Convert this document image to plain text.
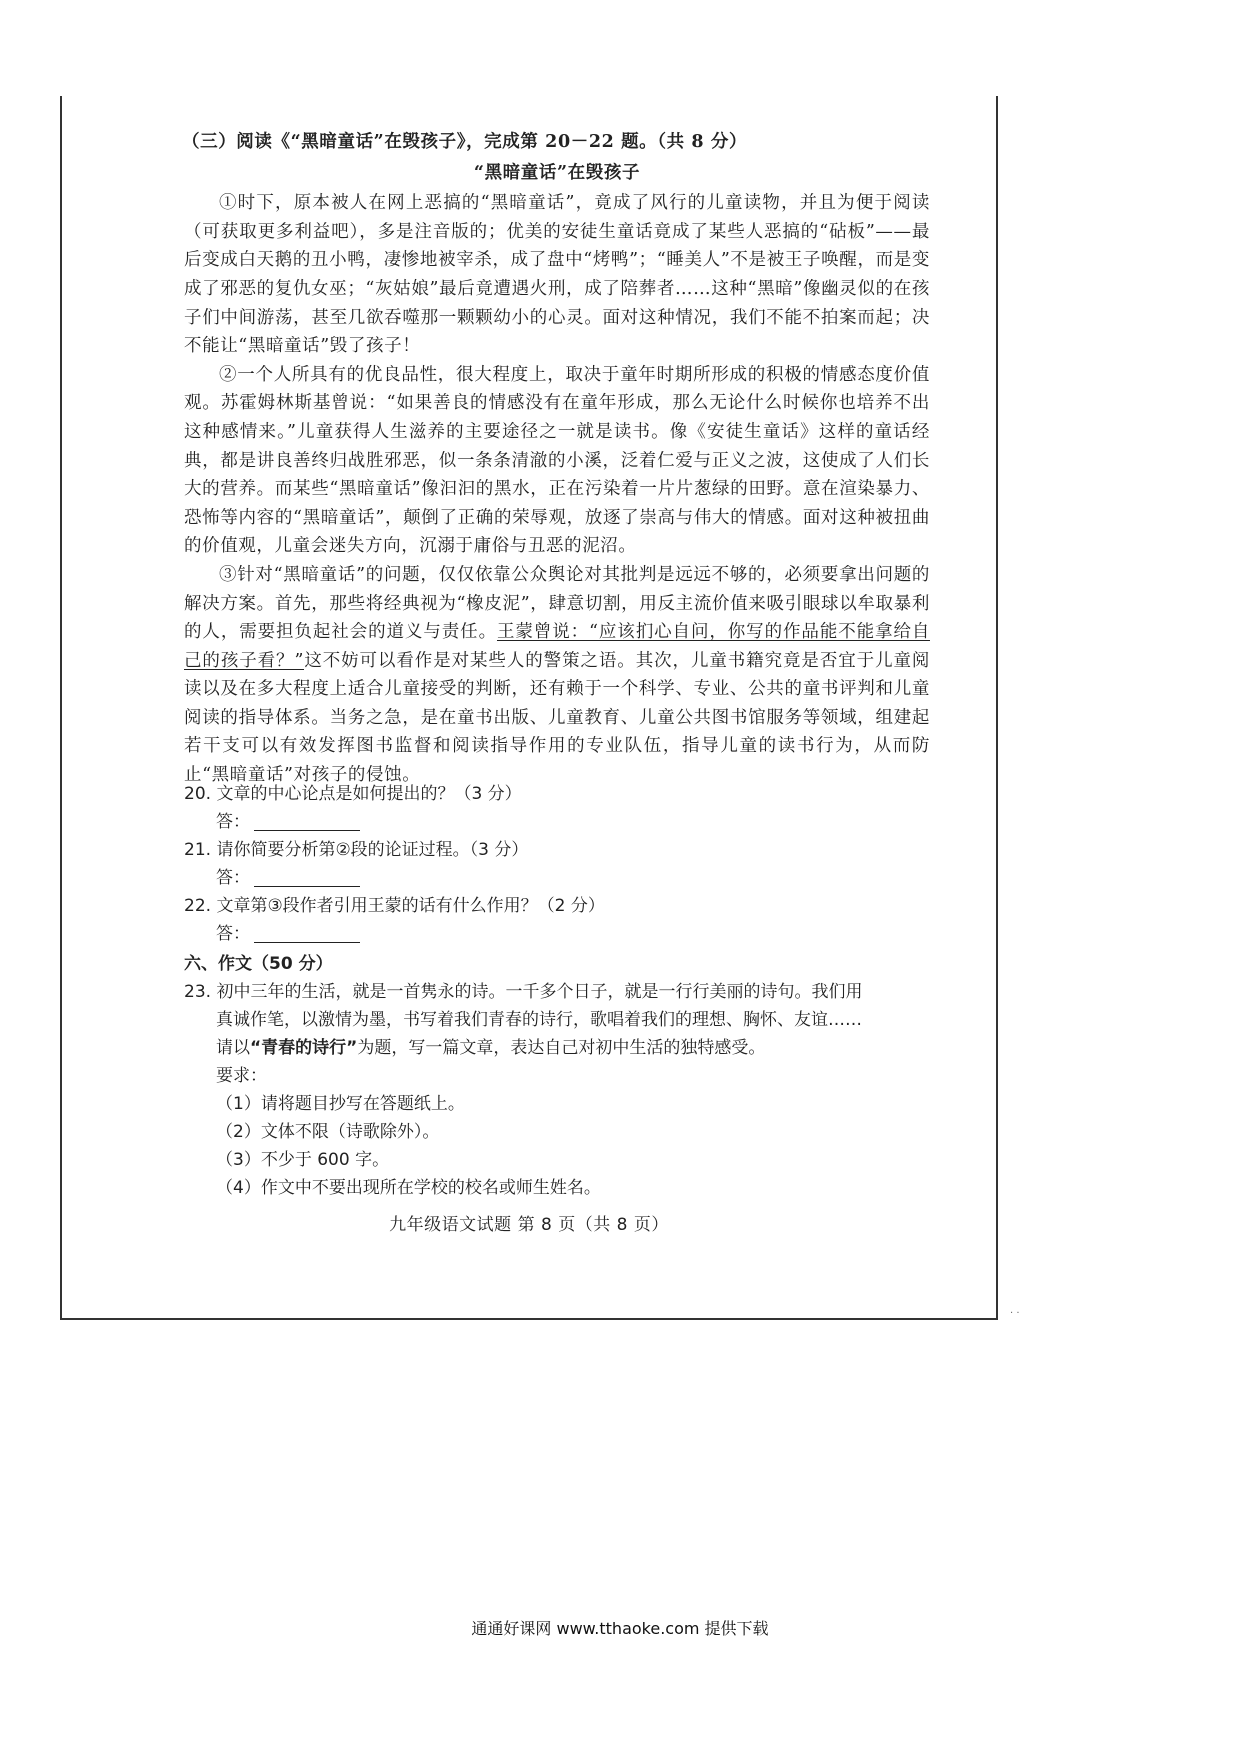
（三）阅读《“黑暗童话”在毁孩子》，完成第 20－22 题。（共 8 分）

“黑暗童话”在毁孩子

①时下，原本被人在网上恶搞的“黑暗童话”，竟成了风行的儿童读物，并且为便于阅读（可获取更多利益吧），多是注音版的；优美的安徒生童话竟成了某些人恶搞的“砧板”——最后变成白天鹅的丑小鸭，凄惨地被宰杀，成了盘中“烤鸭”；“睡美人”不是被王子唤醒，而是变成了邪恶的复仇女巫；“灰姑娘”最后竟遭遇火刑，成了陪葬者……这种“黑暗”像幽灵似的在孩子们中间游荡，甚至几欲吞噬那一颗颗幼小的心灵。面对这种情况，我们不能不拍案而起；决不能让“黑暗童话”毁了孩子！

②一个人所具有的优良品性，很大程度上，取决于童年时期所形成的积极的情感态度价值观。苏霍姆林斯基曾说：“如果善良的情感没有在童年形成，那么无论什么时候你也培养不出这种感情来。”儿童获得人生滋养的主要途径之一就是读书。像《安徒生童话》这样的童话经典，都是讲良善终归战胜邪恶，似一条条清澈的小溪，泛着仁爱与正义之波，这使成了人们长大的营养。而某些“黑暗童话”像汩汩的黑水，正在污染着一片片葱绿的田野。意在渲染暴力、恐怖等内容的“黑暗童话”，颠倒了正确的荣辱观，放逐了崇高与伟大的情感。面对这种被扭曲的价值观，儿童会迷失方向，沉溺于庸俗与丑恶的泥沼。

③针对“黑暗童话”的问题，仅仅依靠公众舆论对其批判是远远不够的，必须要拿出问题的解决方案。首先，那些将经典视为“橡皮泥”，肆意切割，用反主流价值来吸引眼球以牟取暴利的人，需要担负起社会的道义与责任。王蒙曾说：“应该扪心自问，你写的作品能不能拿给自己的孩子看？”这不妨可以看作是对某些人的警策之语。其次，儿童书籍究竟是否宜于儿童阅读以及在多大程度上适合儿童接受的判断，还有赖于一个科学、专业、公共的童书评判和儿童阅读的指导体系。当务之急，是在童书出版、儿童教育、儿童公共图书馆服务等领域，组建起若干支可以有效发挥图书监督和阅读指导作用的专业队伍，指导儿童的读书行为，从而防止“黑暗童话”对孩子的侵蚀。

20. 文章的中心论点是如何提出的？（3 分）

答：

21. 请你简要分析第②段的论证过程。（3 分）

答：

22. 文章第③段作者引用王蒙的话有什么作用？（2 分）

答：

六、作文（50 分）

23. 初中三年的生活，就是一首隽永的诗。一千多个日子，就是一行行美丽的诗句。我们用

真诚作笔，以激情为墨，书写着我们青春的诗行，歌唱着我们的理想、胸怀、友谊……

请以“青春的诗行”为题，写一篇文章，表达自己对初中生活的独特感受。

要求：

（1）请将题目抄写在答题纸上。

（2）文体不限（诗歌除外）。

（3）不少于 600 字。

（4）作文中不要出现所在学校的校名或师生姓名。

九年级语文试题 第 8 页（共 8 页）
· ·
通通好课网 www.tthaoke.com 提供下载
